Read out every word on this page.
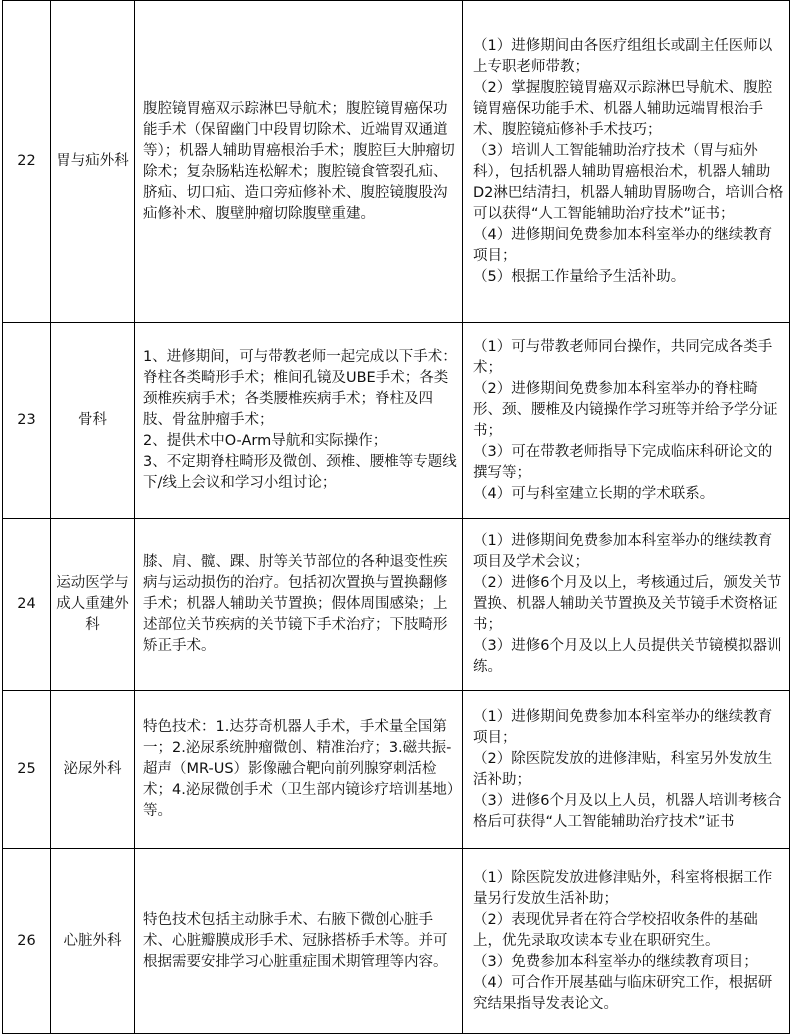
22	胃与疝外科	腹腔镜胃癌双示踪淋巴导航术；腹腔镜胃癌保功能手术（保留幽门中段胃切除术、近端胃双通道等）；机器人辅助胃癌根治手术；腹腔巨大肿瘤切除术；复杂肠粘连松解术；腹腔镜食管裂孔疝、脐疝、切口疝、造口旁疝修补术、腹腔镜腹股沟疝修补术、腹壁肿瘤切除腹壁重建。	（1）进修期间由各医疗组组长或副主任医师以上专职老师带教；
（2）掌握腹腔镜胃癌双示踪淋巴导航术、腹腔镜胃癌保功能手术、机器人辅助远端胃根治手术、腹腔镜疝修补手术技巧；
（3）培训人工智能辅助治疗技术（胃与疝外科），包括机器人辅助胃癌根治术，机器人辅助D2淋巴结清扫，机器人辅助胃肠吻合，培训合格可以获得“人工智能辅助治疗技术”证书；
（4）进修期间免费参加本科室举办的继续教育项目；
（5）根据工作量给予生活补助。

23	骨科	1、进修期间，可与带教老师一起完成以下手术：脊柱各类畸形手术；椎间孔镜及UBE手术；各类颈椎疾病手术；各类腰椎疾病手术；脊柱及四肢、骨盆肿瘤手术；
2、提供术中O-Arm导航和实际操作；
3、不定期脊柱畸形及微创、颈椎、腰椎等专题线下/线上会议和学习小组讨论；	（1）可与带教老师同台操作，共同完成各类手术；
（2）进修期间免费参加本科室举办的脊柱畸形、颈、腰椎及内镜操作学习班等并给予学分证书；
（3）可在带教老师指导下完成临床科研论文的撰写等；
（4）可与科室建立长期的学术联系。

24	运动医学与成人重建外科	膝、肩、髋、踝、肘等关节部位的各种退变性疾病与运动损伤的治疗。包括初次置换与置换翻修手术；机器人辅助关节置换；假体周围感染；上述部位关节疾病的关节镜下手术治疗；下肢畸形矫正手术。	（1）进修期间免费参加本科室举办的继续教育项目及学术会议；
（2）进修6个月及以上，考核通过后，颁发关节置换、机器人辅助关节置换及关节镜手术资格证书；
（3）进修6个月及以上人员提供关节镜模拟器训练。

25	泌尿外科	特色技术：1.达芬奇机器人手术，手术量全国第一；2.泌尿系统肿瘤微创、精准治疗；3.磁共振-超声（MR-US）影像融合靶向前列腺穿刺活检术；4.泌尿微创手术（卫生部内镜诊疗培训基地）等。	（1）进修期间免费参加本科室举办的继续教育项目；
（2）除医院发放的进修津贴，科室另外发放生活补助；
（3）进修6个月及以上人员，机器人培训考核合格后可获得“人工智能辅助治疗技术”证书

26	心脏外科	特色技术包括主动脉手术、右腋下微创心脏手术、心脏瓣膜成形手术、冠脉搭桥手术等。并可根据需要安排学习心脏重症围术期管理等内容。	（1）除医院发放进修津贴外，科室将根据工作量另行发放生活补助；
（2）表现优异者在符合学校招收条件的基础上，优先录取攻读本专业在职研究生。
（3）免费参加本科室举办的继续教育项目；
（4）可合作开展基础与临床研究工作，根据研究结果指导发表论文。
